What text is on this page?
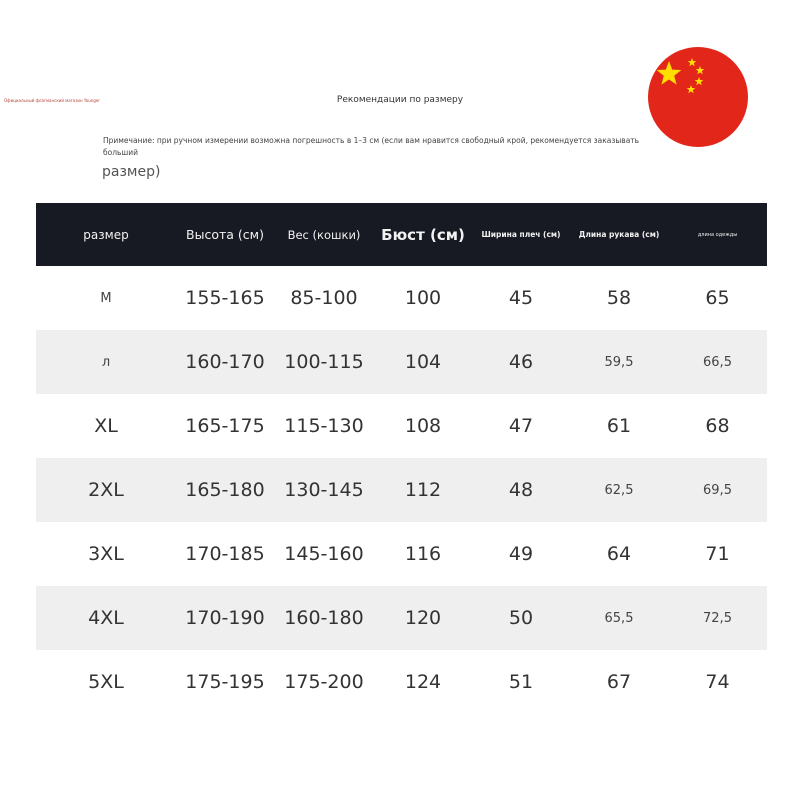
Официальный флагманский магазин Younger	Рекомендации по размеру
Примечание: при ручном измерении возможна погрешность в 1–3 см (если вам нравится свободный крой, рекомендуется заказывать больший
размер)
размер	Высота (см)	Вес (кошки)	Бюст (см)	Ширина плеч (см)	Длина рукава (см)	длина одежды
M	155-165	85-100	100	45	58	65
л	160-170	100-115	104	46	59,5	66,5
XL	165-175	115-130	108	47	61	68
2XL	165-180	130-145	112	48	62,5	69,5
3XL	170-185	145-160	116	49	64	71
4XL	170-190	160-180	120	50	65,5	72,5
5XL	175-195	175-200	124	51	67	74
